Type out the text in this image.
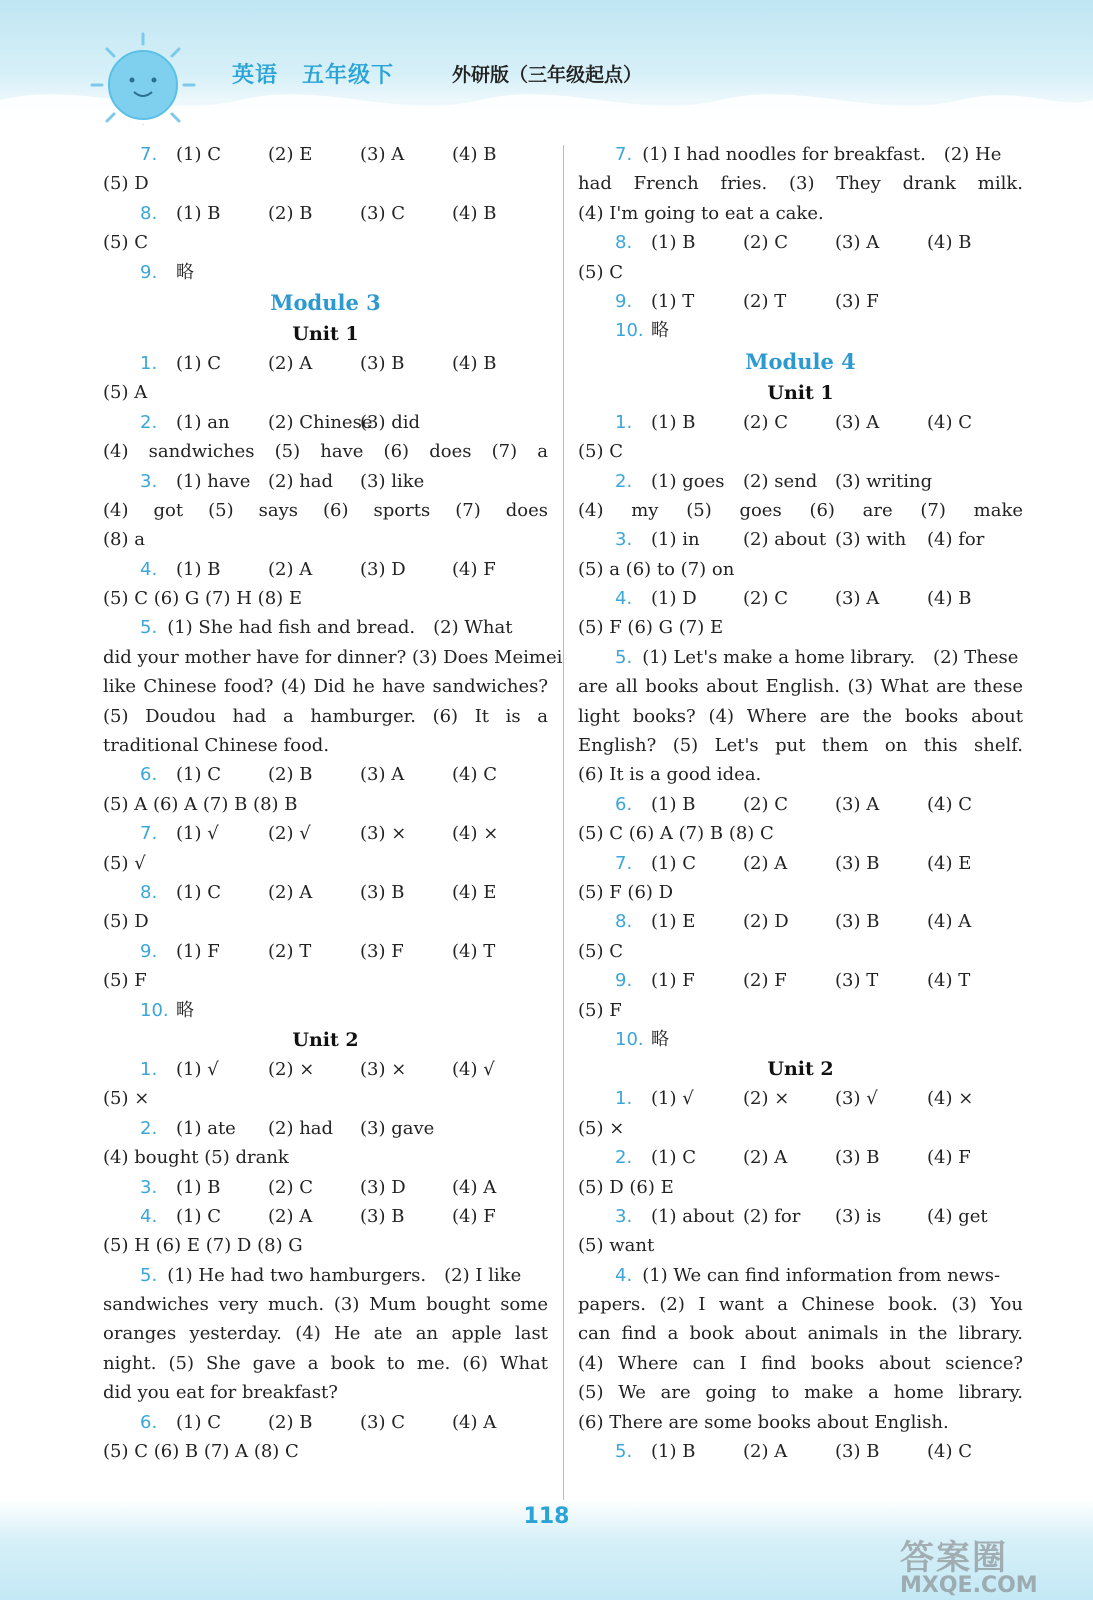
英语 五年级下	外研版（三年级起点）
7. (1) C	(2) E	(3) A	(4) B
(5) D
8. (1) B	(2) B	(3) C	(4) B
(5) C
9. 略
Module 3
Unit 1
1. (1) C	(2) A	(3) B	(4) B
(5) A
2. (1) an (2) Chinese(3) did
(4) sandwiches (5) have (6) does (7) a
3. (1) have (2) had (3) like
(4) got (5) says (6) sports (7) does
(8) a
4. (1) B	(2) A	(3) D	(4) F
(5) C (6) G (7) H (8) E
5. (1) She had fish and bread. (2) What
did your mother have for dinner? (3) Does Meimei
like Chinese food? (4) Did he have sandwiches?
(5) Doudou had a hamburger. (6) It is a
traditional Chinese food.
6. (1) C	(2) B	(3) A	(4) C
(5) A (6) A (7) B (8) B
7. (1) √	(2) √	(3) ×	(4) ×
(5) √
8. (1) C	(2) A	(3) B	(4) E
(5) D
9. (1) F	(2) T	(3) F	(4) T
(5) F
10. 略
Unit 2
1. (1) √	(2) ×	(3) ×	(4) √
(5) ×
2. (1) ate (2) had (3) gave
(4) bought (5) drank
3. (1) B	(2) C	(3) D	(4) A
4. (1) C	(2) A	(3) B	(4) F
(5) H (6) E (7) D (8) G
5. (1) He had two hamburgers. (2) I like
sandwiches very much. (3) Mum bought some
oranges yesterday. (4) He ate an apple last
night. (5) She gave a book to me. (6) What
did you eat for breakfast?
6. (1) C	(2) B	(3) C	(4) A
(5) C (6) B (7) A (8) C
7. (1) I had noodles for breakfast. (2) He
had French fries. (3) They drank milk.
(4) I'm going to eat a cake.
8. (1) B	(2) C	(3) A	(4) B
(5) C
9. (1) T	(2) T	(3) F
10. 略
Module 4
Unit 1
1. (1) B	(2) C	(3) A	(4) C
(5) C
2. (1) goes (2) send (3) writing
(4) my (5) goes (6) are (7) make
3. (1) in (2) about (3) with (4) for
(5) a (6) to (7) on
4. (1) D	(2) C	(3) A	(4) B
(5) F (6) G (7) E
5. (1) Let's make a home library. (2) These
are all books about English. (3) What are these
light books? (4) Where are the books about
English? (5) Let's put them on this shelf.
(6) It is a good idea.
6. (1) B	(2) C	(3) A	(4) C
(5) C (6) A (7) B (8) C
7. (1) C	(2) A	(3) B	(4) E
(5) F (6) D
8. (1) E	(2) D	(3) B	(4) A
(5) C
9. (1) F	(2) F	(3) T	(4) T
(5) F
10. 略
Unit 2
1. (1) √	(2) ×	(3) √	(4) ×
(5) ×
2. (1) C	(2) A	(3) B	(4) F
(5) D (6) E
3. (1) about (2) for (3) is	(4) get
(5) want
4. (1) We can find information from news-
papers. (2) I want a Chinese book. (3) You
can find a book about animals in the library.
(4) Where can I find books about science?
(5) We are going to make a home library.
(6) There are some books about English.
5. (1) B	(2) A	(3) B	(4) C
118
答案圈
MXQE.COM
